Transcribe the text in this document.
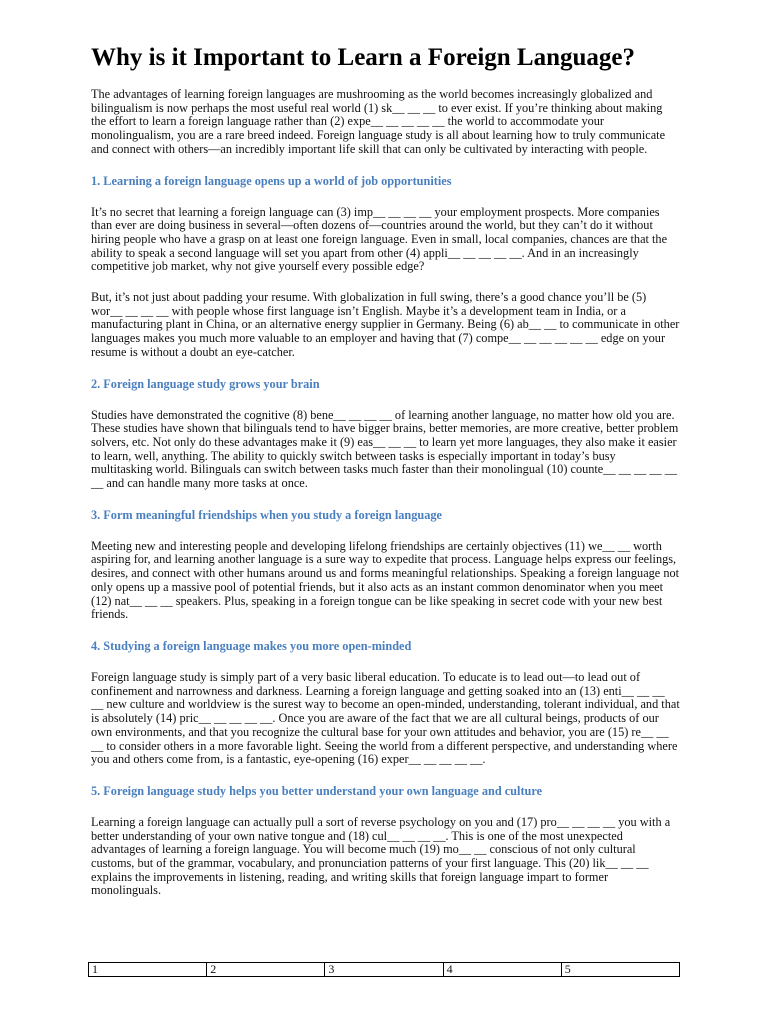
Why is it Important to Learn a Foreign Language?

The advantages of learning foreign languages are mushrooming as the world becomes increasingly globalized and bilingualism is now perhaps the most useful real world (1) sk__ __ __ to ever exist. If you’re thinking about making the effort to learn a foreign language rather than (2) expe__ __ __ __ __ the world to accommodate your monolingualism, you are a rare breed indeed. Foreign language study is all about learning how to truly communicate and connect with others—an incredibly important life skill that can only be cultivated by interacting with people.

1. Learning a foreign language opens up a world of job opportunities

It’s no secret that learning a foreign language can (3) imp__ __ __ __ your employment prospects. More companies than ever are doing business in several—often dozens of—countries around the world, but they can’t do it without hiring people who have a grasp on at least one foreign language. Even in small, local companies, chances are that the ability to speak a second language will set you apart from other (4) appli__ __ __ __ __. And in an increasingly competitive job market, why not give yourself every possible edge?

But, it’s not just about padding your resume. With globalization in full swing, there’s a good chance you’ll be (5) wor__ __ __ __ with people whose first language isn’t English. Maybe it’s a development team in India, or a manufacturing plant in China, or an alternative energy supplier in Germany. Being (6) ab__ __ to communicate in other languages makes you much more valuable to an employer and having that (7) compe__ __ __ __ __ __ edge on your resume is without a doubt an eye-catcher.

2. Foreign language study grows your brain

Studies have demonstrated the cognitive (8) bene__ __ __ __ of learning another language, no matter how old you are. These studies have shown that bilinguals tend to have bigger brains, better memories, are more creative, better problem solvers, etc. Not only do these advantages make it (9) eas__ __ __ to learn yet more languages, they also make it easier to learn, well, anything. The ability to quickly switch between tasks is especially important in today’s busy multitasking world. Bilinguals can switch between tasks much faster than their monolingual (10) counte__ __ __ __ __ __ and can handle many more tasks at once.

3. Form meaningful friendships when you study a foreign language

Meeting new and interesting people and developing lifelong friendships are certainly objectives (11) we__ __ worth aspiring for, and learning another language is a sure way to expedite that process. Language helps express our feelings, desires, and connect with other humans around us and forms meaningful relationships. Speaking a foreign language not only opens up a massive pool of potential friends, but it also acts as an instant common denominator when you meet (12) nat__ __ __ speakers. Plus, speaking in a foreign tongue can be like speaking in secret code with your new best friends.

4. Studying a foreign language makes you more open-minded

Foreign language study is simply part of a very basic liberal education. To educate is to lead out—to lead out of confinement and narrowness and darkness. Learning a foreign language and getting soaked into an (13) enti__ __ __ __ new culture and worldview is the surest way to become an open-minded, understanding, tolerant individual, and that is absolutely (14) pric__ __ __ __ __. Once you are aware of the fact that we are all cultural beings, products of our own environments, and that you recognize the cultural base for your own attitudes and behavior, you are (15) re__ __ __ to consider others in a more favorable light. Seeing the world from a different perspective, and understanding where you and others come from, is a fantastic, eye-opening (16) exper__ __ __ __ __.

5. Foreign language study helps you better understand your own language and culture

Learning a foreign language can actually pull a sort of reverse psychology on you and (17) pro__ __ __ __ you with a better understanding of your own native tongue and (18) cul__ __ __ __. This is one of the most unexpected advantages of learning a foreign language. You will become much (19) mo__ __ conscious of not only cultural customs, but of the grammar, vocabulary, and pronunciation patterns of your first language. This (20) lik__ __ __ explains the improvements in listening, reading, and writing skills that foreign language impart to former monolinguals.

1	2	3	4	5
